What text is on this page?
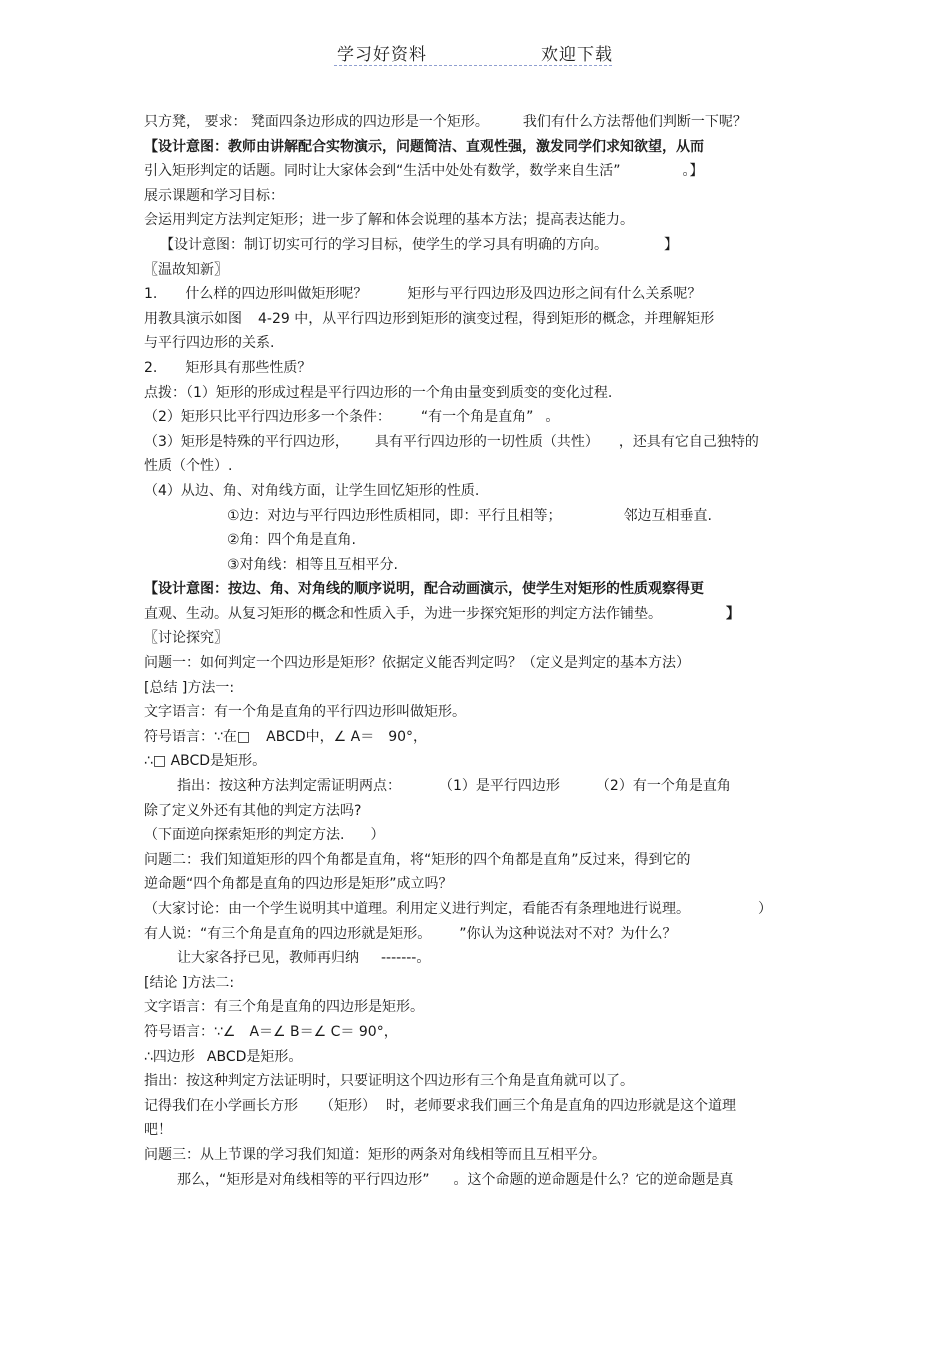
学习好资料	欢迎下载
只方凳， 要求： 凳面四条边形成的四边形是一个矩形。 我们有什么方法帮他们判断一下呢？
【设计意图：教师由讲解配合实物演示，问题简洁、直观性强，激发同学们求知欲望，从而
引入矩形判定的话题。同时让大家体会到“生活中处处有数学，数学来自生活”	。】
展示课题和学习目标：
会运用判定方法判定矩形；进一步了解和体会说理的基本方法；提高表达能力。
【设计意图：制订切实可行的学习目标，使学生的学习具有明确的方向。	】
〖温故知新〗
1. 什么样的四边形叫做矩形呢？	矩形与平行四边形及四边形之间有什么关系呢？
用教具演示如图 4-29 中，从平行四边形到矩形的演变过程，得到矩形的概念，并理解矩形
与平行四边形的关系.
2. 矩形具有那些性质？
点拨：（1）矩形的形成过程是平行四边形的一个角由量变到质变的变化过程.
（2）矩形只比平行四边形多一个条件： “有一个角是直角” 。
（3）矩形是特殊的平行四边形， 具有平行四边形的一切性质（共性） ，还具有它自己独特的
性质（个性）.
（4）从边、角、对角线方面，让学生回忆矩形的性质.
①边：对边与平行四边形性质相同，即：平行且相等；	邻边互相垂直.
②角：四个角是直角.
③对角线：相等且互相平分.
【设计意图：按边、角、对角线的顺序说明，配合动画演示，使学生对矩形的性质观察得更
直观、生动。从复习矩形的概念和性质入手，为进一步探究矩形的判定方法作铺垫。	】
〖讨论探究〗
问题一：如何判定一个四边形是矩形？依据定义能否判定吗？（定义是判定的基本方法）
[总结 ]方法一:
文字语言：有一个角是直角的平行四边形叫做矩形。
符号语言：∵在□ ABCD中，∠ A＝ 90°，
∴□ ABCD是矩形。
指出：按这种方法判定需证明两点：	（1）是平行四边形	（2）有一个角是直角
除了定义外还有其他的判定方法吗?
（下面逆向探索矩形的判定方法. ）
问题二：我们知道矩形的四个角都是直角，将“矩形的四个角都是直角”反过来，得到它的
逆命题“四个角都是直角的四边形是矩形”成立吗？
（大家讨论：由一个学生说明其中道理。利用定义进行判定，看能否有条理地进行说理。	）
有人说：“有三个角是直角的四边形就是矩形。 ”你认为这种说法对不对？为什么？
让大家各抒已见，教师再归纳 -------。
[结论 ]方法二:
文字语言：有三个角是直角的四边形是矩形。
符号语言：∵∠ A＝∠ B＝∠ C＝ 90°，
∴四边形 ABCD是矩形。
指出：按这种判定方法证明时，只要证明这个四边形有三个角是直角就可以了。
记得我们在小学画长方形 （矩形） 时，老师要求我们画三个角是直角的四边形就是这个道理
吧！
问题三：从上节课的学习我们知道：矩形的两条对角线相等而且互相平分。
那么，“矩形是对角线相等的平行四边形” 。这个命题的逆命题是什么？它的逆命题是真
